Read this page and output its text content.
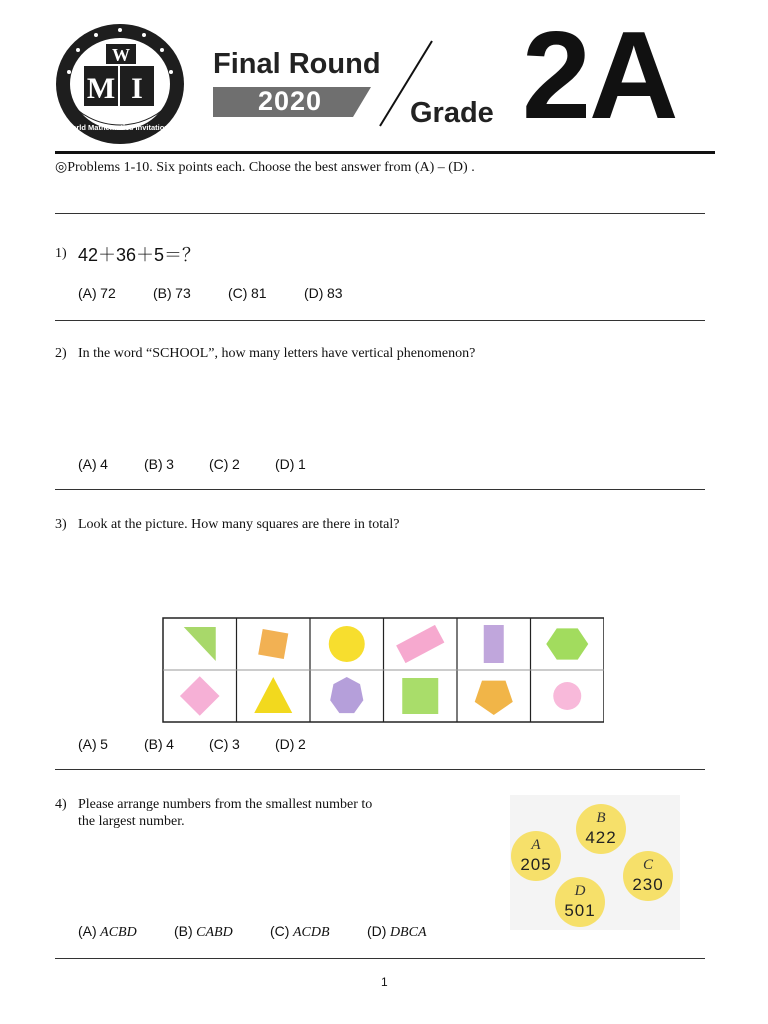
World Mathematics Invitational
W
M I
Final Round
2020	Grade 2A
◎Problems 1-10. Six points each. Choose the best answer from (A) – (D) .
1) 42＋36＋5＝？
(A) 72	(B) 73	(C) 81	(D) 83
2) In the word “SCHOOL”, how many letters have vertical phenomenon?
(A) 4	(B) 3	(C) 2	(D) 1
3) Look at the picture. How many squares are there in total?
(A) 5	(B) 4	(C) 3	(D) 2
4) Please arrange numbers from the smallest number to
the largest number.	B
422
A
205	C
230
D
501
(A) ACBD	(B) CABD	(C) ACDB	(D) DBCA
1
